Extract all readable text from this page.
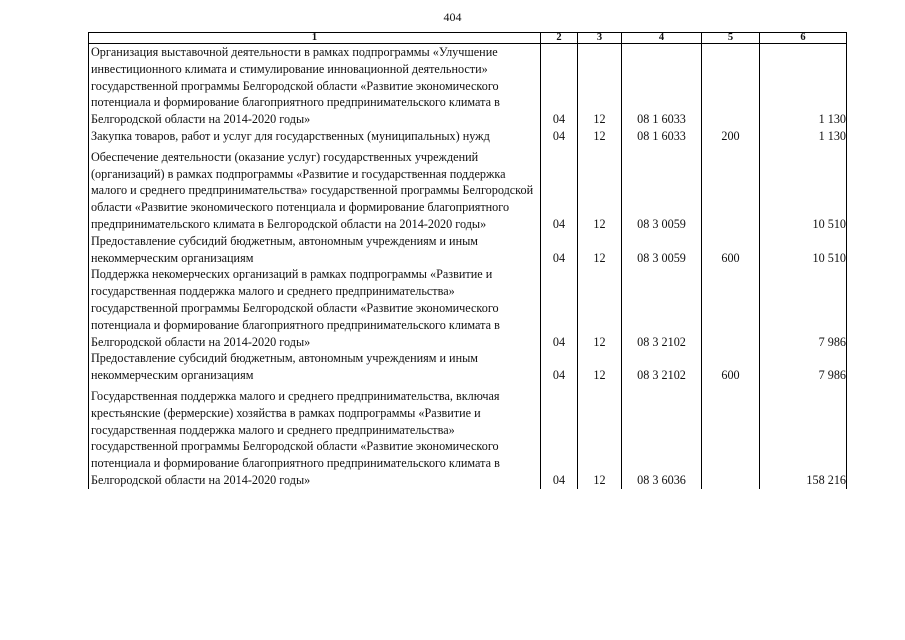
404
1	2	3	4	5	6
Организация выставочной деятельности в рамках подпрограммы «Улучшение инвестиционного климата и стимулирование инновационной деятельности» государственной программы Белгородской области «Развитие экономического потенциала и формирование благоприятного предпринимательского климата в Белгородской области на 2014-2020 годы»	04	12	08 1 6033		1 130
Закупка товаров, работ и услуг для государственных (муниципальных) нужд	04	12	08 1 6033	200	1 130

Обеспечение деятельности (оказание услуг) государственных учреждений (организаций) в рамках подпрограммы «Развитие и государственная поддержка малого и среднего предпринимательства» государственной программы Белгородской области «Развитие экономического потенциала и формирование благоприятного предпринимательского климата в Белгородской области на 2014-2020 годы»	04	12	08 3 0059		10 510
Предоставление субсидий бюджетным, автономным учреждениям и иным некоммерческим организациям	04	12	08 3 0059	600	10 510
Поддержка некомерческих организаций в рамках подпрограммы «Развитие и государственная поддержка малого и среднего предпринимательства» государственной программы Белгородской области «Развитие экономического потенциала и формирование благоприятного предпринимательского климата в Белгородской области на 2014-2020 годы»	04	12	08 3 2102		7 986
Предоставление субсидий бюджетным, автономным учреждениям и иным некоммерческим организациям	04	12	08 3 2102	600	7 986

Государственная поддержка малого и среднего предпринимательства, включая крестьянские (фермерские) хозяйства в рамках подпрограммы «Развитие и государственная поддержка малого и среднего предпринимательства» государственной программы Белгородской области «Развитие экономического потенциала и формирование благоприятного предпринимательского климата в Белгородской области на 2014-2020 годы»	04	12	08 3 6036		158 216
